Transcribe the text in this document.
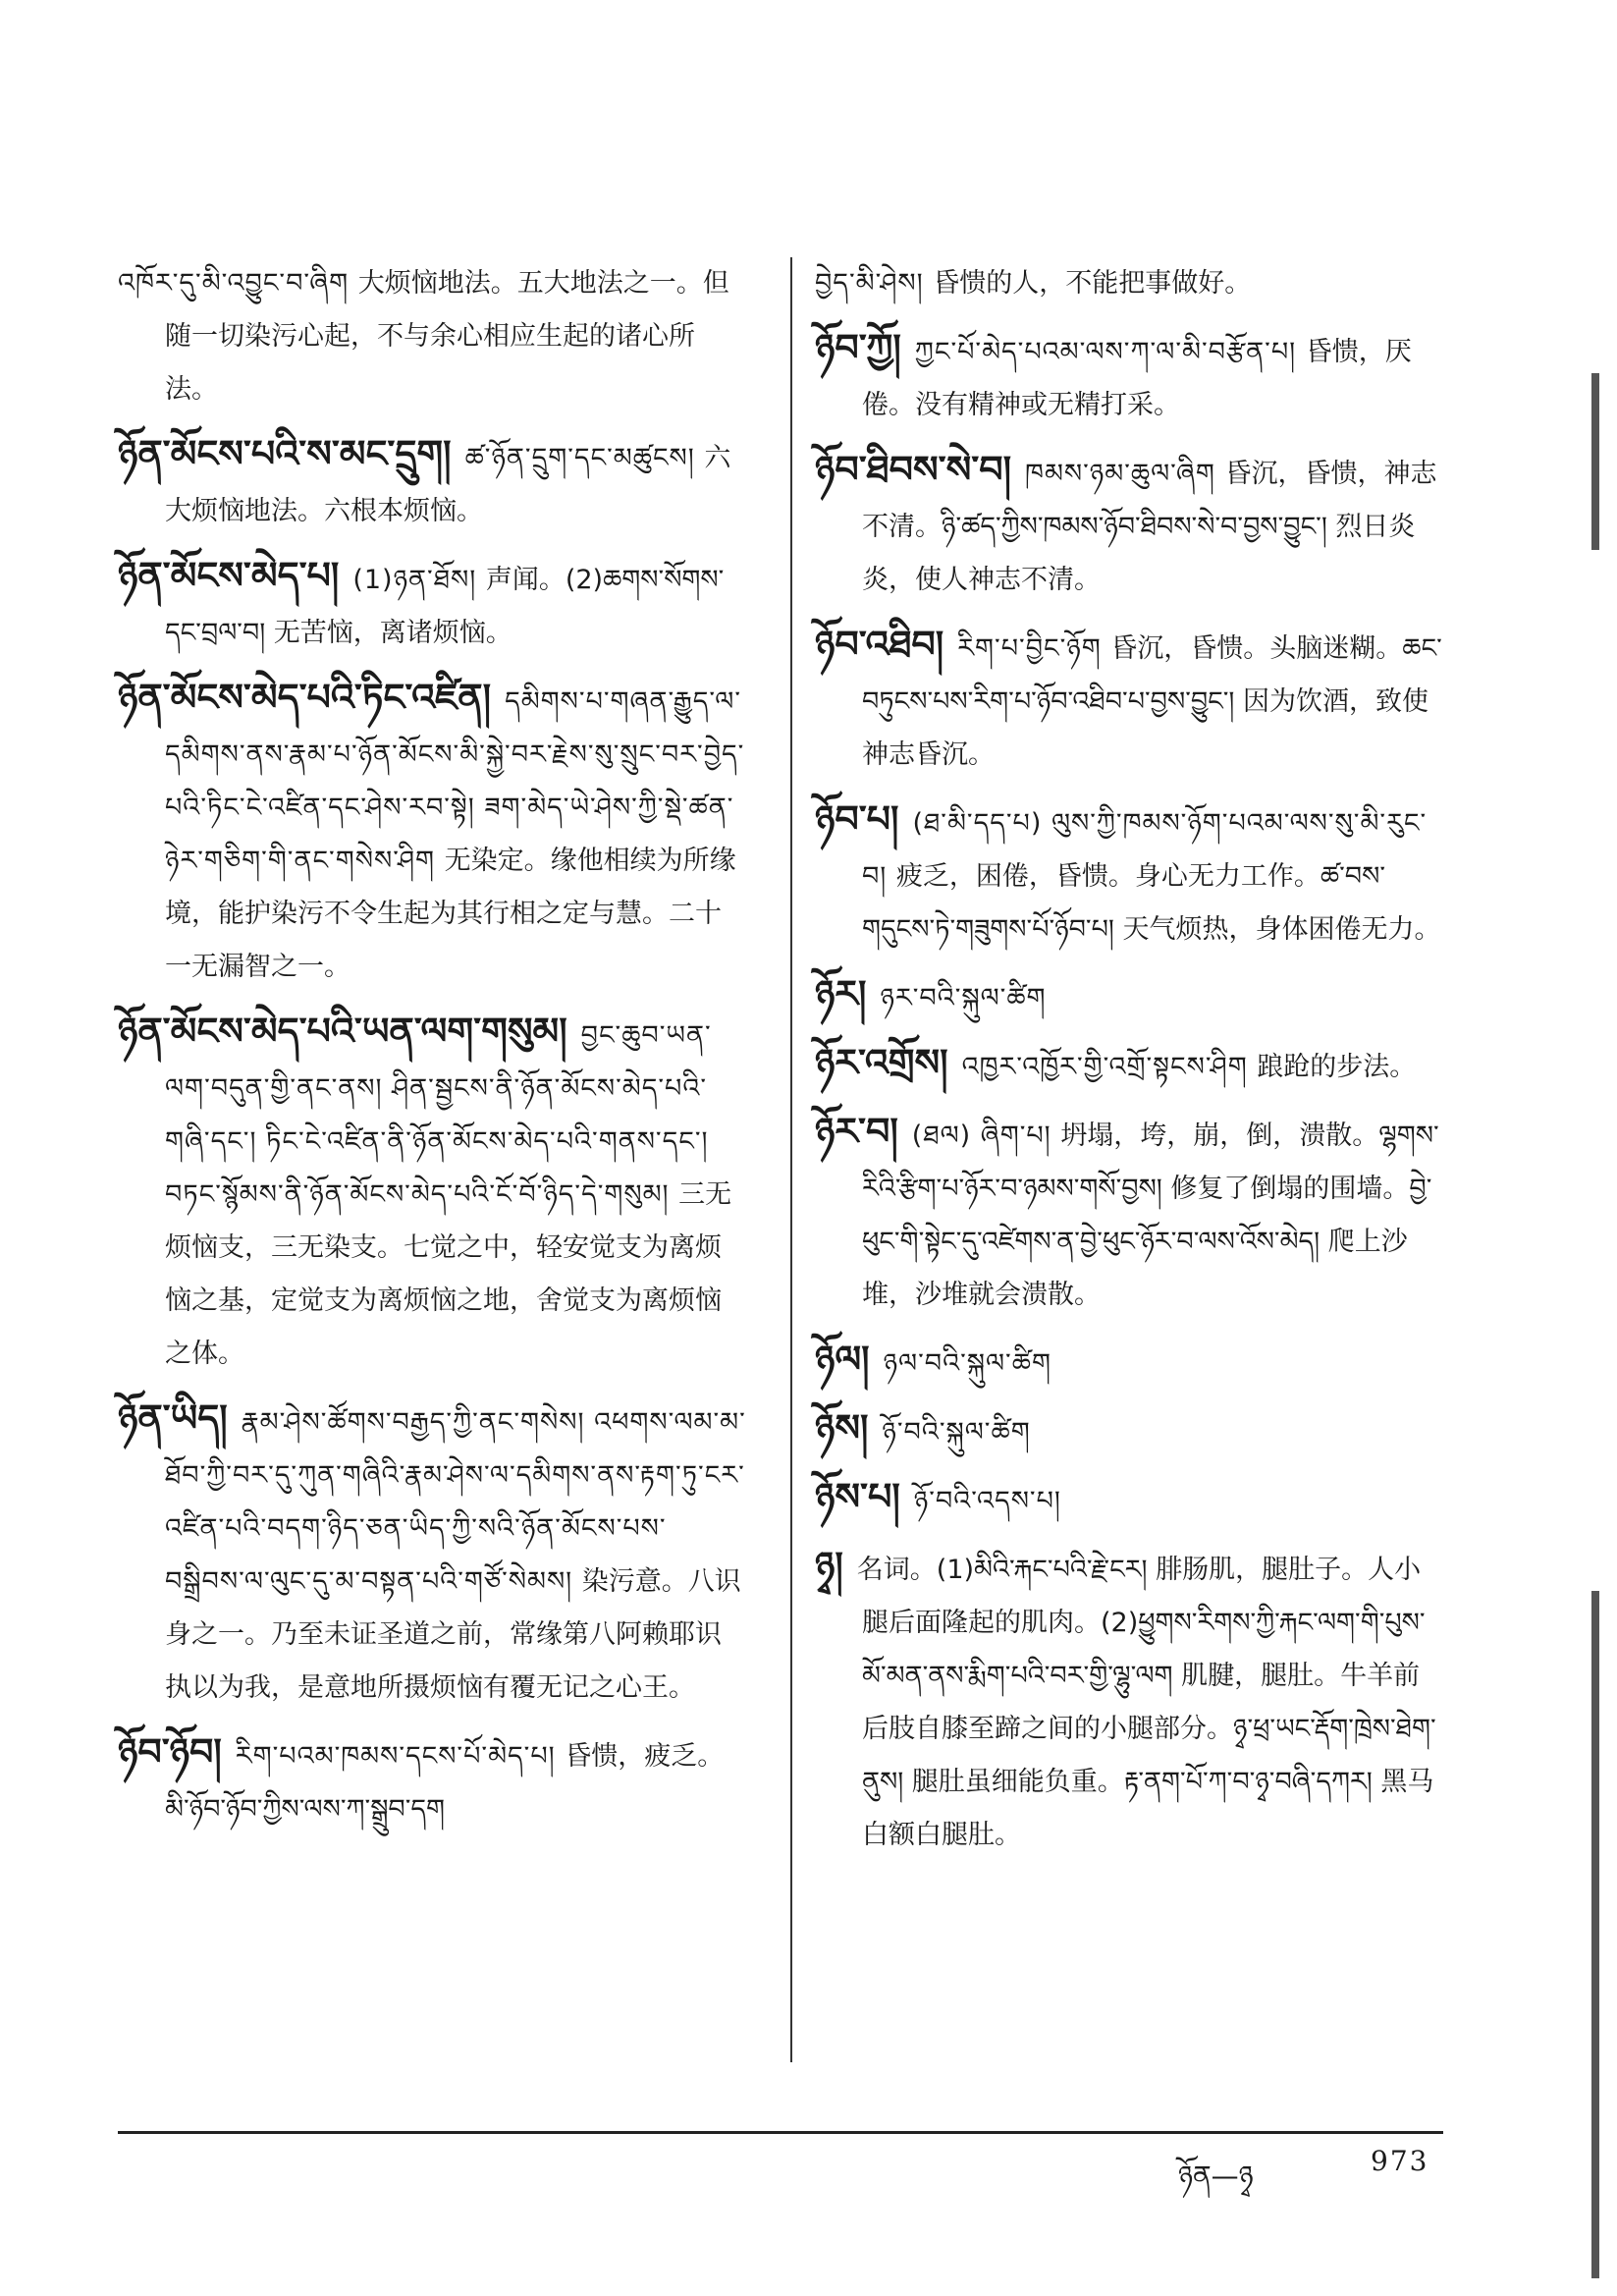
འཁོར་དུ་མི་འབྱུང་བ་ཞིག 大烦恼地法。五大地法之一。但随一切染污心起，不与余心相应生起的诸心所法。
ཉོན་མོངས་པའི་ས་མང་དྲུག། ཚ་ཉོན་དྲུག་དང་མཚུངས། 六大烦恼地法。六根本烦恼。
ཉོན་མོངས་མེད་པ། (1)ཉན་ཐོས། 声闻。(2)ཆགས་སོགས་དང་བྲལ་བ། 无苦恼，离诸烦恼。
ཉོན་མོངས་མེད་པའི་ཏིང་འཛིན། དམིགས་པ་གཞན་རྒྱུད་ལ་དམིགས་ནས་རྣམ་པ་ཉོན་མོངས་མི་སྐྱེ་བར་རྗེས་སུ་སྲུང་བར་བྱེད་པའི་ཏིང་ངེ་འཛིན་དང་ཤེས་རབ་སྟེ། ཟག་མེད་ཡེ་ཤེས་ཀྱི་སྡེ་ཚན་ཉེར་གཅིག་གི་ནང་གསེས་ཤིག 无染定。缘他相续为所缘境，能护染污不令生起为其行相之定与慧。二十一无漏智之一。
ཉོན་མོངས་མེད་པའི་ཡན་ལག་གསུམ། བྱང་ཆུབ་ཡན་ལག་བདུན་གྱི་ནང་ནས། ཤིན་སྦྱངས་ནི་ཉོན་མོངས་མེད་པའི་གཞི་དང་། ཏིང་ངེ་འཛིན་ནི་ཉོན་མོངས་མེད་པའི་གནས་དང་། བཏང་སྙོམས་ནི་ཉོན་མོངས་མེད་པའི་ངོ་བོ་ཉིད་དེ་གསུམ། 三无烦恼支，三无染支。七觉之中，轻安觉支为离烦恼之基，定觉支为离烦恼之地，舍觉支为离烦恼之体。
ཉོན་ཡིད། རྣམ་ཤེས་ཚོགས་བརྒྱད་ཀྱི་ནང་གསེས། འཕགས་ལམ་མ་ཐོབ་ཀྱི་བར་དུ་ཀུན་གཞིའི་རྣམ་ཤེས་ལ་དམིགས་ནས་རྟག་ཏུ་ངར་འཛིན་པའི་བདག་ཉིད་ཅན་ཡིད་ཀྱི་སའི་ཉོན་མོངས་པས་བསྒྲིབས་ལ་ལུང་དུ་མ་བསྟན་པའི་གཙོ་སེམས། 染污意。八识身之一。乃至未证圣道之前，常缘第八阿赖耶识执以为我，是意地所摄烦恼有覆无记之心王。
ཉོབ་ཉོབ། རིག་པའམ་ཁམས་དངས་པོ་མེད་པ། 昏愦，疲乏。མི་ཉོབ་ཉོབ་ཀྱིས་ལས་ཀ་སྒྲུབ་དག
བྱེད་མི་ཤེས། 昏愦的人，不能把事做好。
ཉོབ་ཀྱོ། ཀྱང་པོ་མེད་པའམ་ལས་ཀ་ལ་མི་བརྩོན་པ། 昏愦，厌倦。没有精神或无精打采。
ཉོབ་ཐིབས་སེ་བ། ཁམས་ཉམ་ཆུལ་ཞིག 昏沉，昏愦，神志不清。ཉི་ཚད་ཀྱིས་ཁམས་ཉོབ་ཐིབས་སེ་བ་བྱས་བྱུང་། 烈日炎炎，使人神志不清。
ཉོབ་འཐིབ། རིག་པ་བྱིང་ཉོག 昏沉，昏愦。头脑迷糊。ཆང་བཏུངས་པས་རིག་པ་ཉོབ་འཐིབ་པ་བྱས་བྱུང་། 因为饮酒，致使神志昏沉。
ཉོབ་པ། (ཐ་མི་དད་པ) ལུས་ཀྱི་ཁམས་ཉོག་པའམ་ལས་སུ་མི་རུང་བ། 疲乏，困倦，昏愦。身心无力工作。ཚ་བས་གདུངས་ཏེ་གཟུགས་པོ་ཉོབ་པ། 天气烦热，身体困倦无力。
ཉོར། ཉར་བའི་སྐུལ་ཚིག
ཉོར་འགྲོས། འཁྱར་འཁྱོར་གྱི་འགྲོ་སྟངས་ཤིག 踉跄的步法。
ཉོར་བ། (ཐལ) ཞིག་པ། 坍塌，垮，崩，倒，溃散。ལྷགས་རིའི་རྩིག་པ་ཉོར་བ་ཉམས་གསོ་བྱས། 修复了倒塌的围墙。བྱེ་ཕུང་གི་སྟེང་དུ་འཛེགས་ན་བྱེ་ཕུང་ཉོར་བ་ལས་འོས་མེད། 爬上沙堆，沙堆就会溃散。
ཉོལ། ཉལ་བའི་སྐུལ་ཚིག
ཉོས། ཉོ་བའི་སྐུལ་ཚིག
ཉོས་པ། ཉོ་བའི་འདས་པ།
ཉྭ། 名词。(1)མིའི་རྐང་པའི་རྗེ་ངར། 腓肠肌，腿肚子。人小腿后面隆起的肌肉。(2)ཕྱུགས་རིགས་ཀྱི་རྐང་ལག་གི་པུས་མོ་མན་ནས་རྨིག་པའི་བར་གྱི་ལྷུ་ལག 肌腱，腿肚。牛羊前后肢自膝至蹄之间的小腿部分。ཉྭ་ཕྲ་ཡང་རྡོག་ཁྲེས་ཐེག་ནུས། 腿肚虽细能负重。རྟ་ནག་པོ་ཀ་བ་ཉྭ་བཞི་དཀར། 黑马白额白腿肚。
ཉོན—ཉྭ	973
